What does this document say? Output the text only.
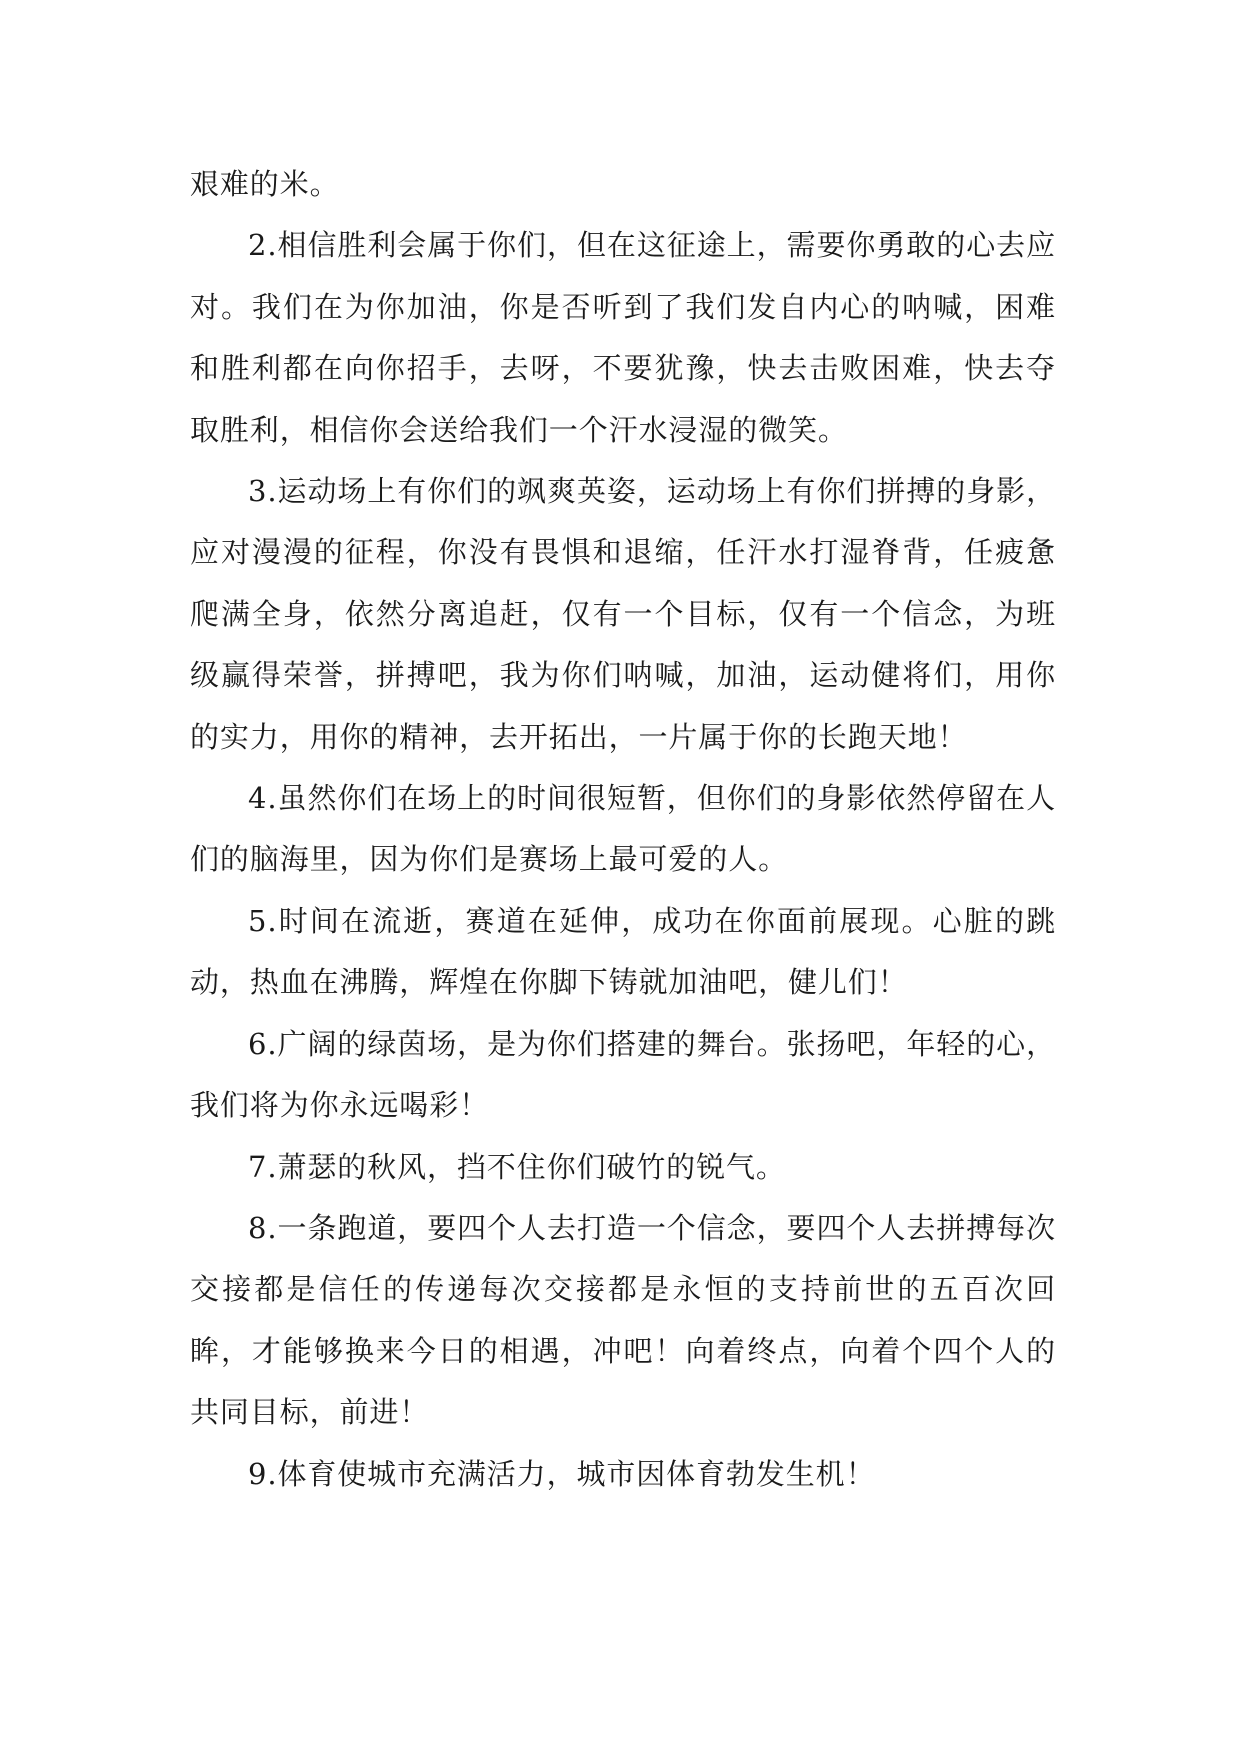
艰难的米。

2.相信胜利会属于你们，但在这征途上，需要你勇敢的心去应对。我们在为你加油，你是否听到了我们发自内心的呐喊，困难和胜利都在向你招手，去呀，不要犹豫，快去击败困难，快去夺取胜利，相信你会送给我们一个汗水浸湿的微笑。

3.运动场上有你们的飒爽英姿，运动场上有你们拼搏的身影，应对漫漫的征程，你没有畏惧和退缩，任汗水打湿脊背，任疲惫爬满全身，依然分离追赶，仅有一个目标，仅有一个信念，为班级赢得荣誉，拼搏吧，我为你们呐喊，加油，运动健将们，用你的实力，用你的精神，去开拓出，一片属于你的长跑天地！

4.虽然你们在场上的时间很短暂，但你们的身影依然停留在人们的脑海里，因为你们是赛场上最可爱的人。

5.时间在流逝，赛道在延伸，成功在你面前展现。心脏的跳动，热血在沸腾，辉煌在你脚下铸就加油吧，健儿们！

6.广阔的绿茵场，是为你们搭建的舞台。张扬吧，年轻的心，我们将为你永远喝彩！

7.萧瑟的秋风，挡不住你们破竹的锐气。

8.一条跑道，要四个人去打造一个信念，要四个人去拼搏每次交接都是信任的传递每次交接都是永恒的支持前世的五百次回眸，才能够换来今日的相遇，冲吧！向着终点，向着个四个人的共同目标，前进！

9.体育使城市充满活力，城市因体育勃发生机！
